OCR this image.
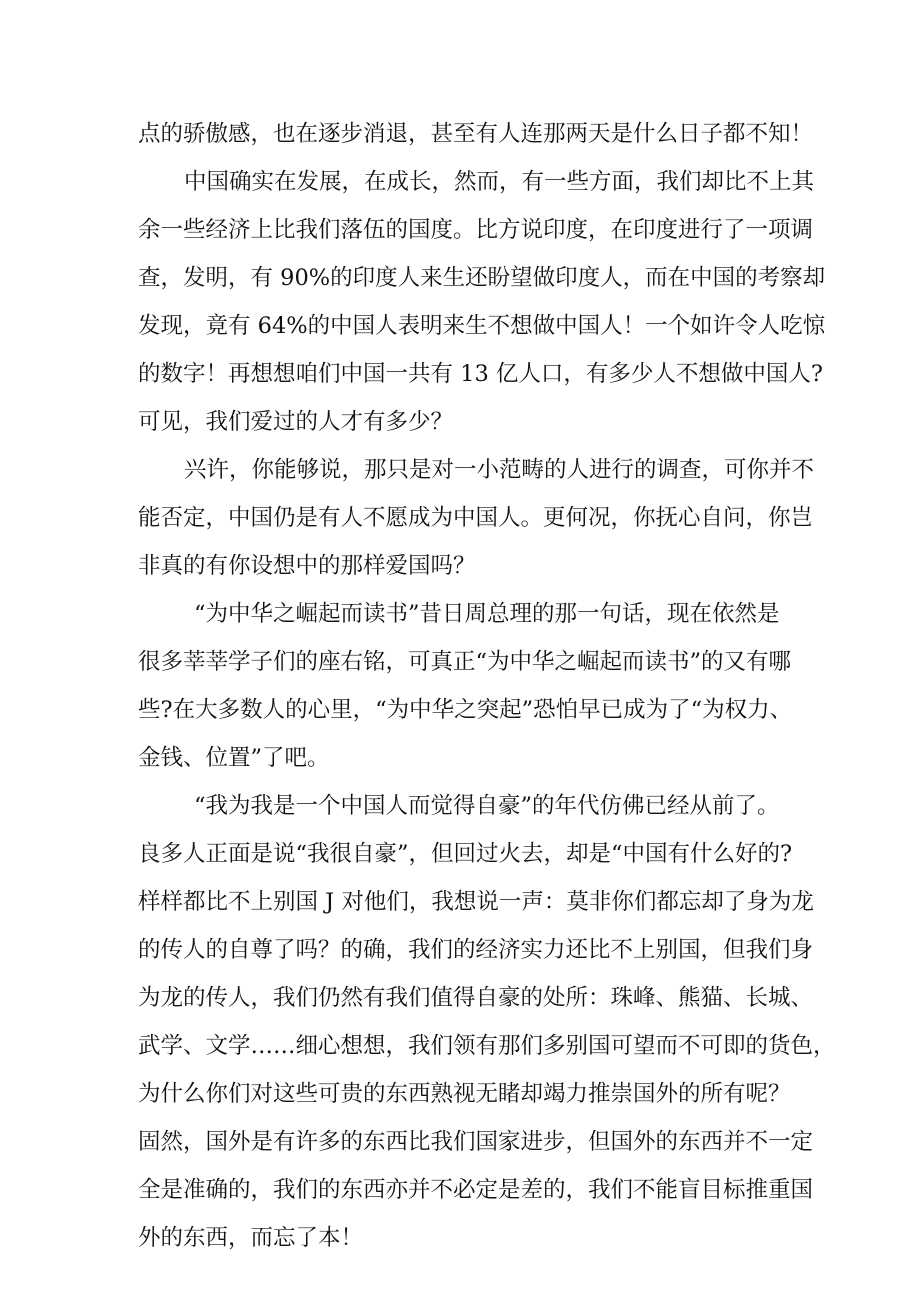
点的骄傲感，也在逐步消退，甚至有人连那两天是什么日子都不知！
中国确实在发展，在成长，然而，有一些方面，我们却比不上其
余一些经济上比我们落伍的国度。比方说印度，在印度进行了一项调
查，发明，有 90%的印度人来生还盼望做印度人，而在中国的考察却
发现，竟有 64%的中国人表明来生不想做中国人！一个如许令人吃惊
的数字！再想想咱们中国一共有 13 亿人口，有多少人不想做中国人?
可见，我们爱过的人才有多少？
兴许，你能够说，那只是对一小范畴的人进行的调查，可你并不
能否定，中国仍是有人不愿成为中国人。更何况，你抚心自问，你岂
非真的有你设想中的那样爱国吗？
“为中华之崛起而读书”昔日周总理的那一句话，现在依然是
很多莘莘学子们的座右铭，可真正“为中华之崛起而读书”的又有哪
些?在大多数人的心里，“为中华之突起”恐怕早已成为了“为权力、
金钱、位置”了吧。
“我为我是一个中国人而觉得自豪”的年代仿佛已经从前了。
良多人正面是说“我很自豪”，但回过火去，却是“中国有什么好的?
样样都比不上别国 J 对他们，我想说一声：莫非你们都忘却了身为龙
的传人的自尊了吗？的确，我们的经济实力还比不上别国，但我们身
为龙的传人，我们仍然有我们值得自豪的处所：珠峰、熊猫、长城、
武学、文学……细心想想，我们领有那们多别国可望而不可即的货色，
为什么你们对这些可贵的东西熟视无睹却竭力推崇国外的所有呢？
固然，国外是有许多的东西比我们国家进步，但国外的东西并不一定
全是准确的，我们的东西亦并不必定是差的，我们不能盲目标推重国
外的东西，而忘了本！
